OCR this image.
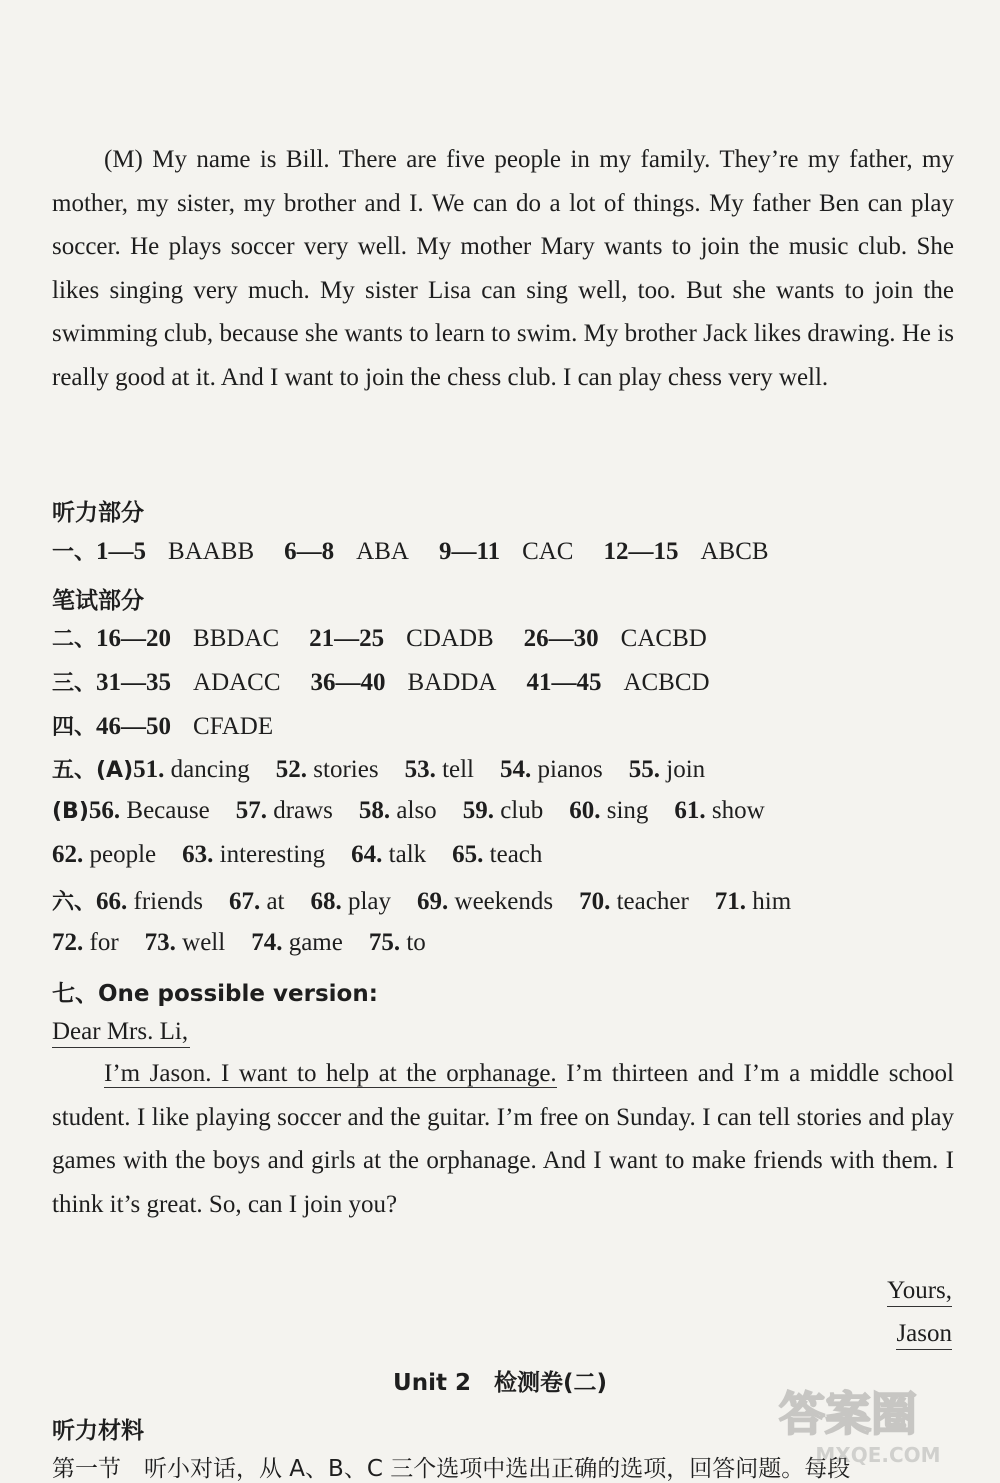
(M) My name is Bill. There are five people in my family. They’re my father, my mother, my sister, my brother and I. We can do a lot of things. My father Ben can play soccer. He plays soccer very well. My mother Mary wants to join the music club. She likes singing very much. My sister Lisa can sing well, too. But she wants to join the swimming club, because she wants to learn to swim. My brother Jack likes drawing. He is really good at it. And I want to join the chess club. I can play chess very well.

听力部分
一、1—5 BAABB 6—8 ABA 9—11 CAC 12—15 ABCB
笔试部分
二、16—20 BBDAC 21—25 CDADB 26—30 CACBD
三、31—35 ADACC 36—40 BADDA 41—45 ACBCD
四、46—50 CFADE
五、(A)51. dancing 52. stories 53. tell 54. pianos 55. join
(B)56. Because 57. draws 58. also 59. club 60. sing 61. show
62. people 63. interesting 64. talk 65. teach
六、66. friends 67. at 68. play 69. weekends 70. teacher 71. him
72. for 73. well 74. game 75. to
七、One possible version:
Dear Mrs. Li,

I’m Jason. I want to help at the orphanage. I’m thirteen and I’m a middle school student. I like playing soccer and the guitar. I’m free on Sunday. I can tell stories and play games with the boys and girls at the orphanage. And I want to make friends with them. I think it’s great. So, can I join you?

Yours,
Jason
Unit 2　检测卷(二)
听力材料
第一节　听小对话，从 A、B、C 三个选项中选出正确的选项，回答问题。每段
答案圈
MXQE.COM
